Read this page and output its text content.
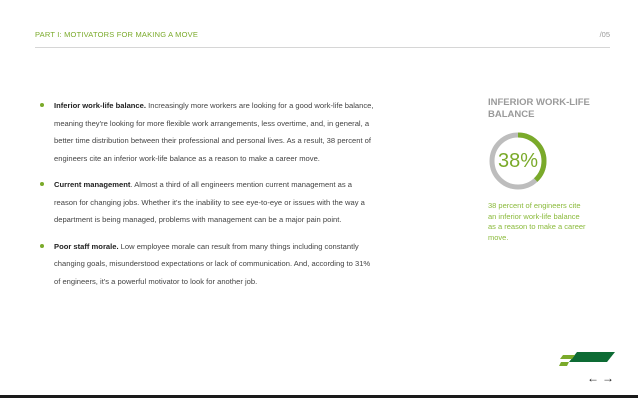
PART I: MOTIVATORS FOR MAKING A MOVE	/05
Inferior work-life balance. Increasingly more workers are looking for a good work-life balance, meaning they're looking for more flexible work arrangements, less overtime, and, in general, a better time distribution between their professional and personal lives. As a result, 38 percent of engineers cite an inferior work-life balance as a reason to make a career move.
Current management. Almost a third of all engineers mention current management as a reason for changing jobs. Whether it's the inability to see eye-to-eye or issues with the way a department is being managed, problems with management can be a major pain point.
Poor staff morale. Low employee morale can result from many things including constantly changing goals, misunderstood expectations or lack of communication. And, according to 31% of engineers, it's a powerful motivator to look for another job.
INFERIOR WORK-LIFE BALANCE
38%
38 percent of engineers cite an inferior work-life balance as a reason to make a career move.
← →
